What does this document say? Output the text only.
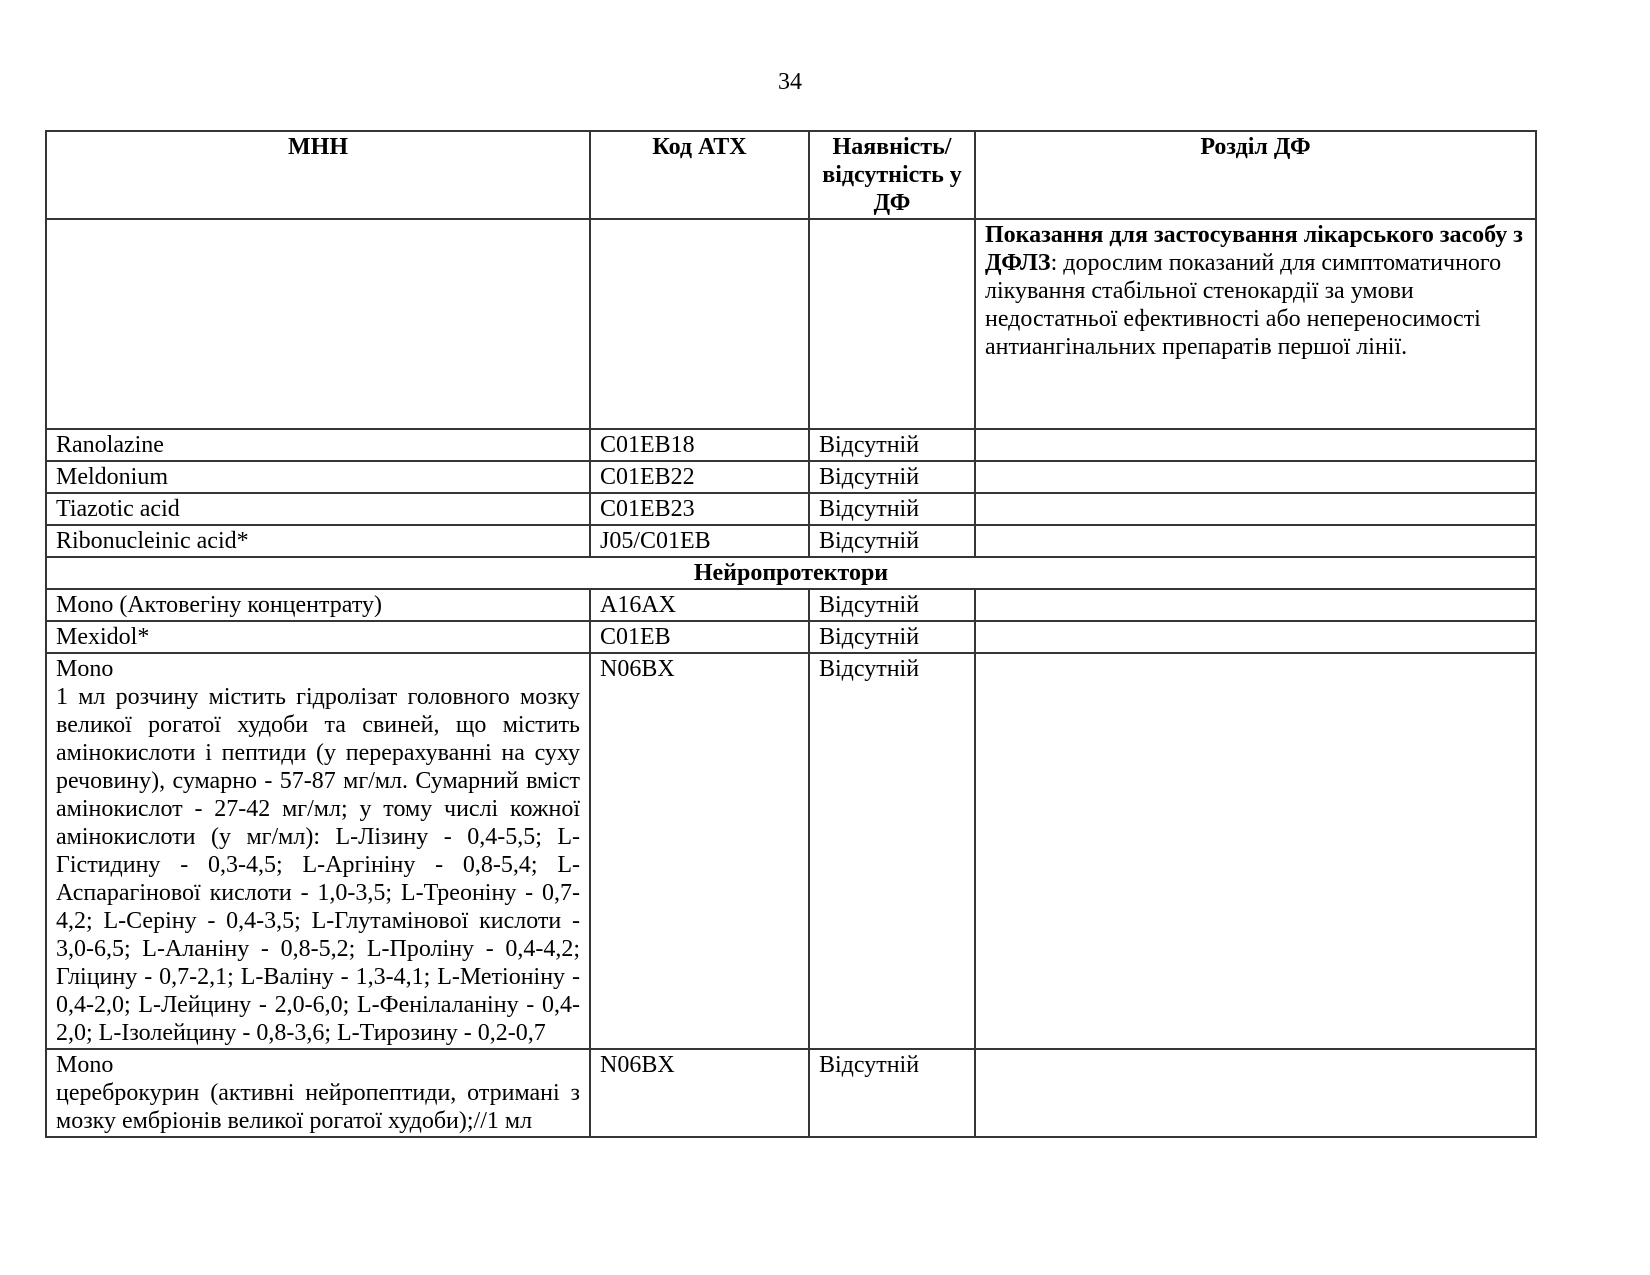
34
МНН	Код АТХ	Наявність/відсутність у ДФ	Розділ ДФ

			Показання для застосування лікарського засобу з ДФЛЗ: дорослим показаний для симптоматичного лікування стабільної стенокардії за умови недостатньої ефективності або непереносимості антиангінальних препаратів першої лінії.

Ranolazine	C01EB18	Відсутній	
Meldonium	C01EB22	Відсутній	
Tiazotic acid	C01EB23	Відсутній	
Ribonucleinic acid*	J05/C01EB	Відсутній	
Нейропротектори			
Mono (Актовегіну концентрату)	A16AX	Відсутній	
Mexidol*	C01EB	Відсутній	

Mono

1 мл розчину містить гідролізат головного мозку великої рогатої худоби та свиней, що містить амінокислоти і пептиди (у перерахуванні на суху речовину), сумарно - 57-87 мг/мл. Сумарний вміст амінокислот - 27-42 мг/мл; у тому числі кожної амінокислоти (у мг/мл): L-Лізину - 0,4-5,5; L-Гістидину - 0,3-4,5; L-Аргініну - 0,8-5,4; L-Аспарагінової кислоти - 1,0-3,5; L-Треоніну - 0,7-4,2; L-Серіну - 0,4-3,5; L-Глутамінової кислоти - 3,0-6,5; L-Аланіну - 0,8-5,2; L-Проліну - 0,4-4,2; Гліцину - 0,7-2,1; L-Валіну - 1,3-4,1; L-Метіоніну - 0,4-2,0; L-Лейцину - 2,0-6,0; L-Фенілаланіну - 0,4-2,0; L-Ізолейцину - 0,8-3,6; L-Тирозину - 0,2-0,7	N06BX	Відсутній	

Mono

цереброкурин (активні нейропептиди, отримані з мозку ембріонів великої рогатої худоби);//1 мл	N06BX	Відсутній	
